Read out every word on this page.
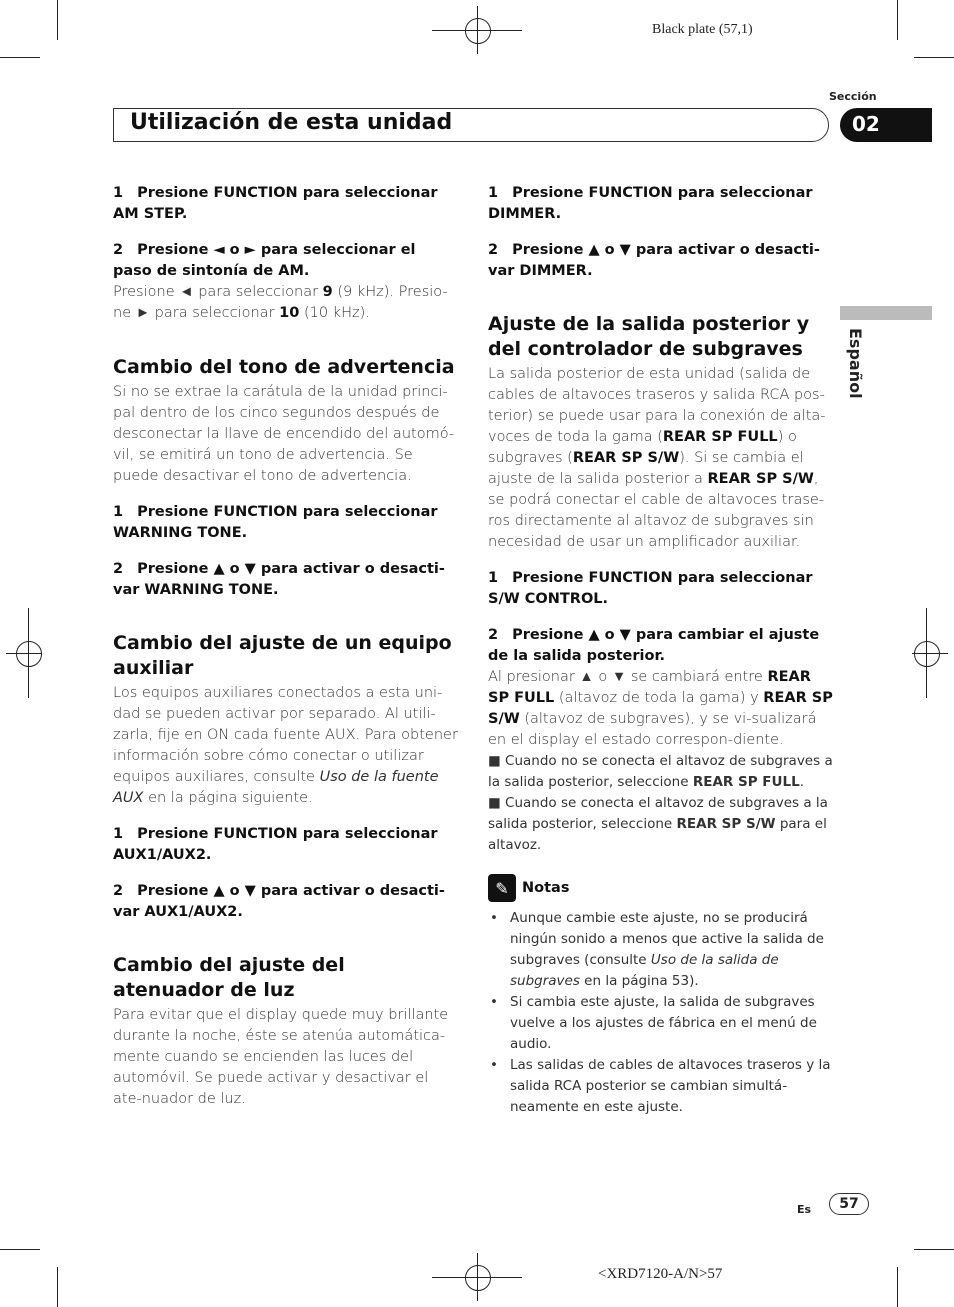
Black plate (57,1)
Sección
Utilización de esta unidad	02
Español
1 Presione FUNCTION para seleccionar AM STEP.
2 Presione ◄ o ► para seleccionar el paso de sintonía de AM.
Presione ◄ para seleccionar 9 (9 kHz). Presio-ne ► para seleccionar 10 (10 kHz).
Cambio del tono de advertencia
Si no se extrae la carátula de la unidad princi-pal dentro de los cinco segundos después de desconectar la llave de encendido del automó-vil, se emitirá un tono de advertencia. Se puede desactivar el tono de advertencia.
1 Presione FUNCTION para seleccionar WARNING TONE.
2 Presione ▲ o ▼ para activar o desacti-var WARNING TONE.
Cambio del ajuste de un equipo auxiliar
Los equipos auxiliares conectados a esta uni-dad se pueden activar por separado. Al utili-zarla, fije en ON cada fuente AUX. Para obtener información sobre cómo conectar o utilizar equipos auxiliares, consulte Uso de la fuente AUX en la página siguiente.
1 Presione FUNCTION para seleccionar AUX1/AUX2.
2 Presione ▲ o ▼ para activar o desacti-var AUX1/AUX2.
Cambio del ajuste del atenuador de luz
Para evitar que el display quede muy brillante durante la noche, éste se atenúa automática-mente cuando se encienden las luces del automóvil. Se puede activar y desactivar el ate-nuador de luz.
1 Presione FUNCTION para seleccionar DIMMER.
2 Presione ▲ o ▼ para activar o desacti-var DIMMER.
Ajuste de la salida posterior y del controlador de subgraves
La salida posterior de esta unidad (salida de cables de altavoces traseros y salida RCA pos-terior) se puede usar para la conexión de alta-voces de toda la gama (REAR SP FULL) o subgraves (REAR SP S/W). Si se cambia el ajuste de la salida posterior a REAR SP S/W, se podrá conectar el cable de altavoces trase-ros directamente al altavoz de subgraves sin necesidad de usar un amplificador auxiliar.
1 Presione FUNCTION para seleccionar S/W CONTROL.
2 Presione ▲ o ▼ para cambiar el ajuste de la salida posterior.
Al presionar ▲ o ▼ se cambiará entre REAR SP FULL (altavoz de toda la gama) y REAR SP S/W (altavoz de subgraves), y se vi-sualizará en el display el estado correspon-diente.
■ Cuando no se conecta el altavoz de subgraves a la salida posterior, seleccione REAR SP FULL.
■ Cuando se conecta el altavoz de subgraves a la salida posterior, seleccione REAR SP S/W para el altavoz.
✎ Notas
• Aunque cambie este ajuste, no se producirá ningún sonido a menos que active la salida de subgraves (consulte Uso de la salida de subgraves en la página 53).
• Si cambia este ajuste, la salida de subgraves vuelve a los ajustes de fábrica en el menú de audio.
• Las salidas de cables de altavoces traseros y la salida RCA posterior se cambian simultá-neamente en este ajuste.
Es	57
<XRD7120-A/N>57
